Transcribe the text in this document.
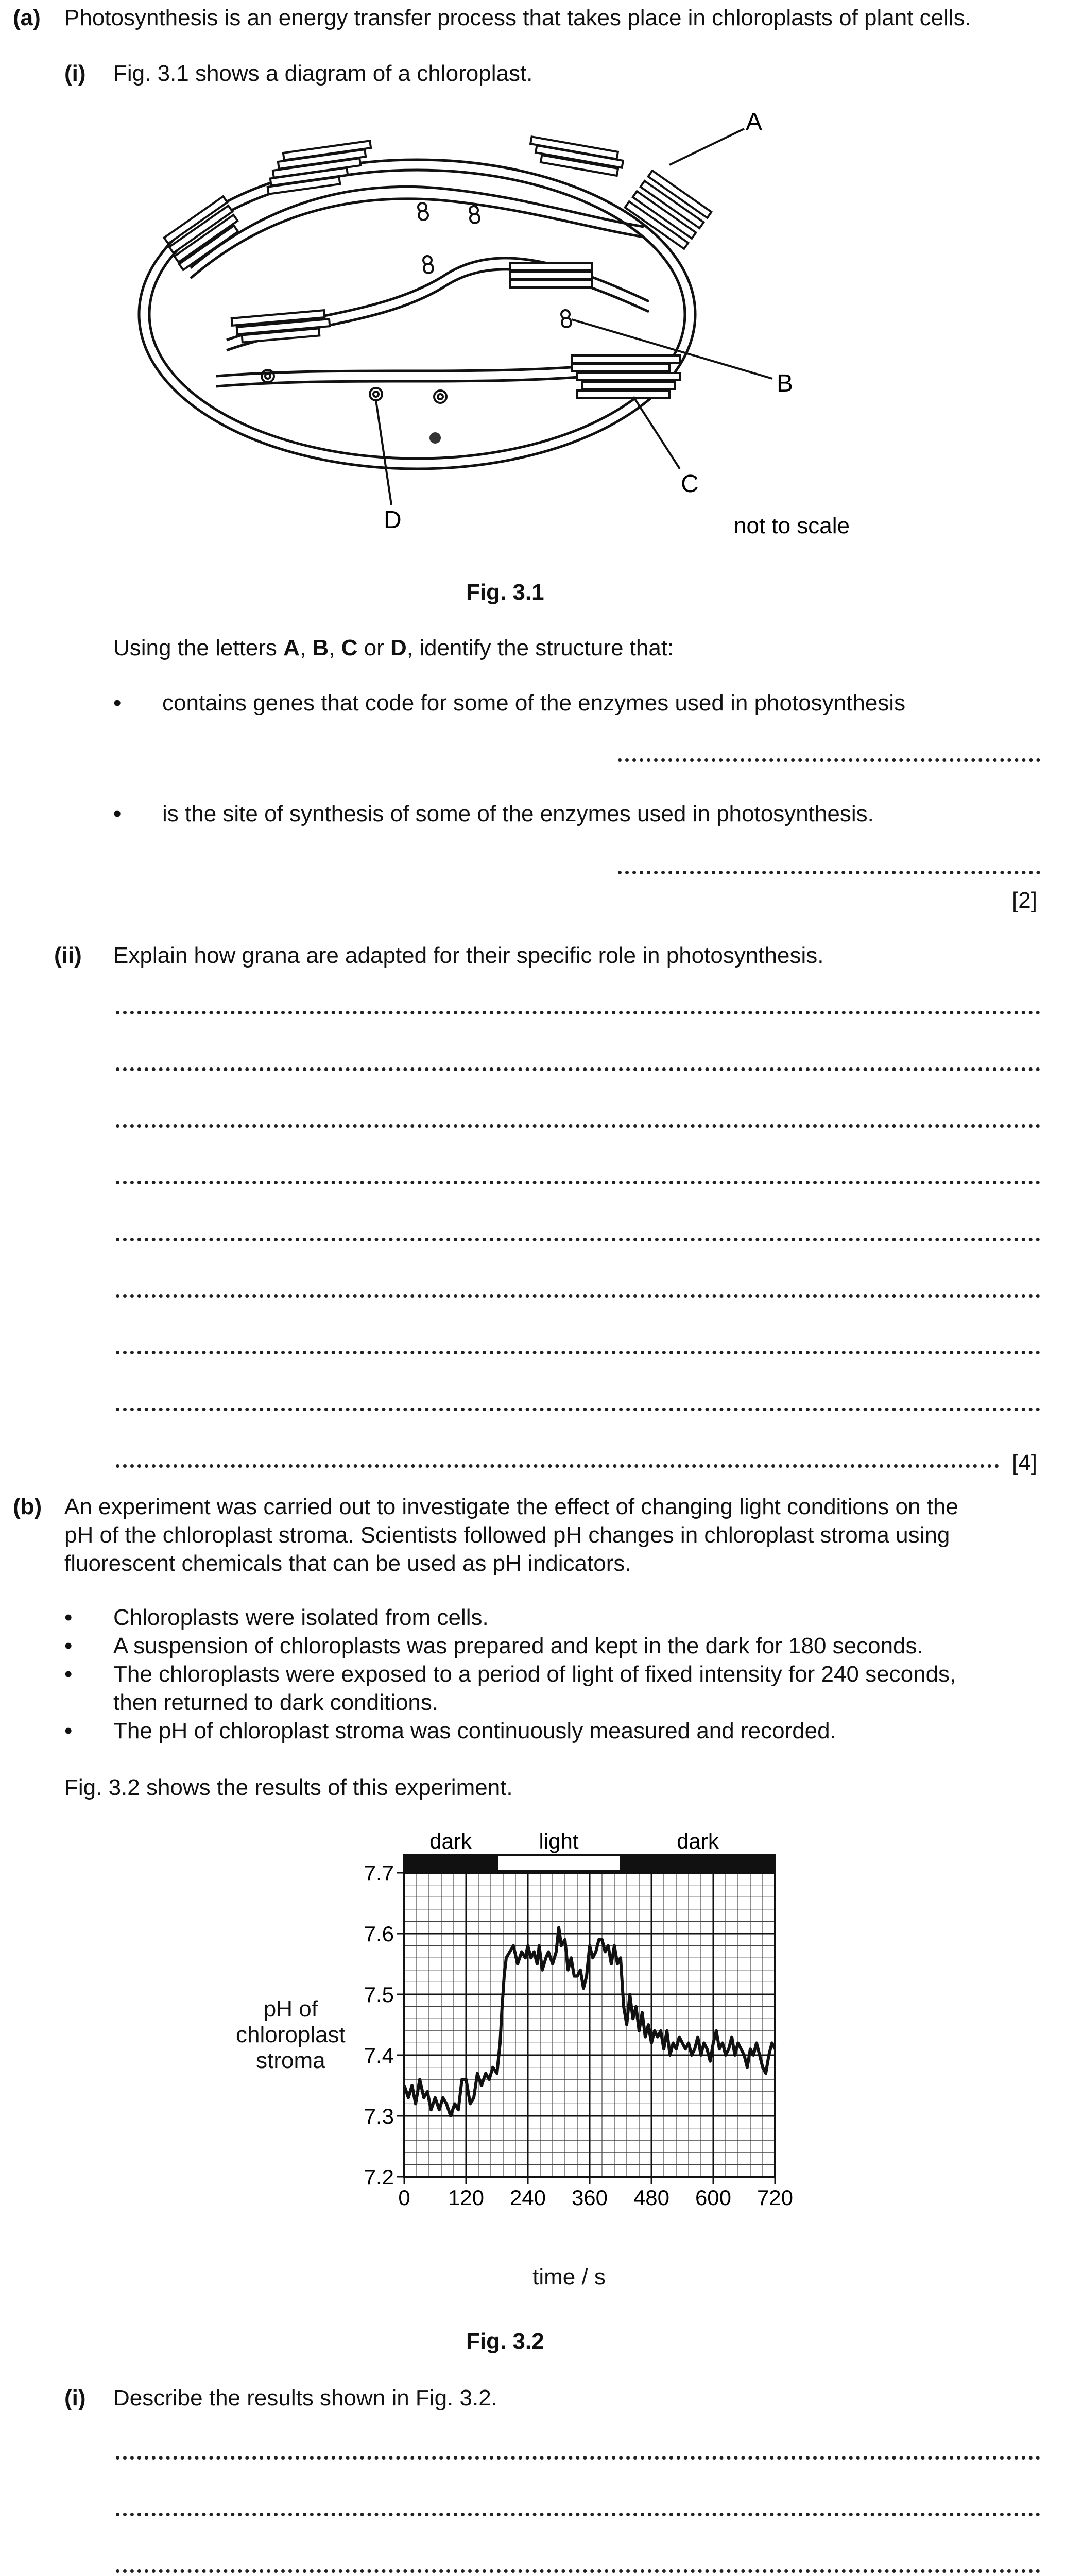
(a) Photosynthesis is an energy transfer process that takes place in chloroplasts of plant cells.
(i) Fig. 3.1 shows a diagram of a chloroplast.
A
B
C
D	not to scale
Fig. 3.1
Using the letters A, B, C or D, identify the structure that:
• contains genes that code for some of the enzymes used in photosynthesis
• is the site of synthesis of some of the enzymes used in photosynthesis.
[2]
(ii) Explain how grana are adapted for their specific role in photosynthesis.
[4]
(b) An experiment was carried out to investigate the effect of changing light conditions on the
pH of the chloroplast stroma. Scientists followed pH changes in chloroplast stroma using
fluorescent chemicals that can be used as pH indicators.
• Chloroplasts were isolated from cells.
• A suspension of chloroplasts was prepared and kept in the dark for 180 seconds.
• The chloroplasts were exposed to a period of light of fixed intensity for 240 seconds,
then returned to dark conditions.
• The pH of chloroplast stroma was continuously measured and recorded.
Fig. 3.2 shows the results of this experiment.
pH of
chloroplast
stroma
dark	light	dark
0 120 240 360 480 600 720
7.2
7.3
7.4
7.5
7.6
7.7
time / s
Fig. 3.2
(i) Describe the results shown in Fig. 3.2.
